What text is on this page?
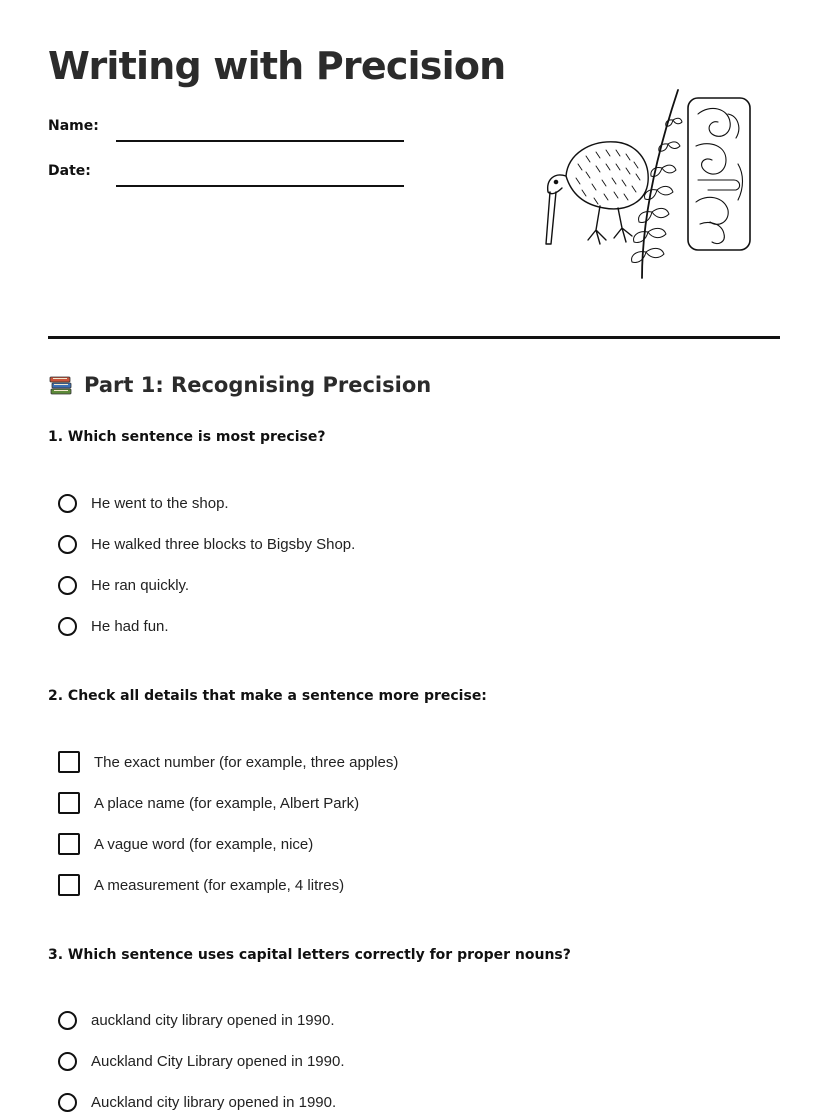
Writing with Precision
Name:
Date:
Part 1: Recognising Precision

1. Which sentence is most precise?

He went to the shop.
He walked three blocks to Bigsby Shop.
He ran quickly.
He had fun.

2. Check all details that make a sentence more precise:

The exact number (for example, three apples)
A place name (for example, Albert Park)
A vague word (for example, nice)
A measurement (for example, 4 litres)

3. Which sentence uses capital letters correctly for proper nouns?

auckland city library opened in 1990.
Auckland City Library opened in 1990.
Auckland city library opened in 1990.
